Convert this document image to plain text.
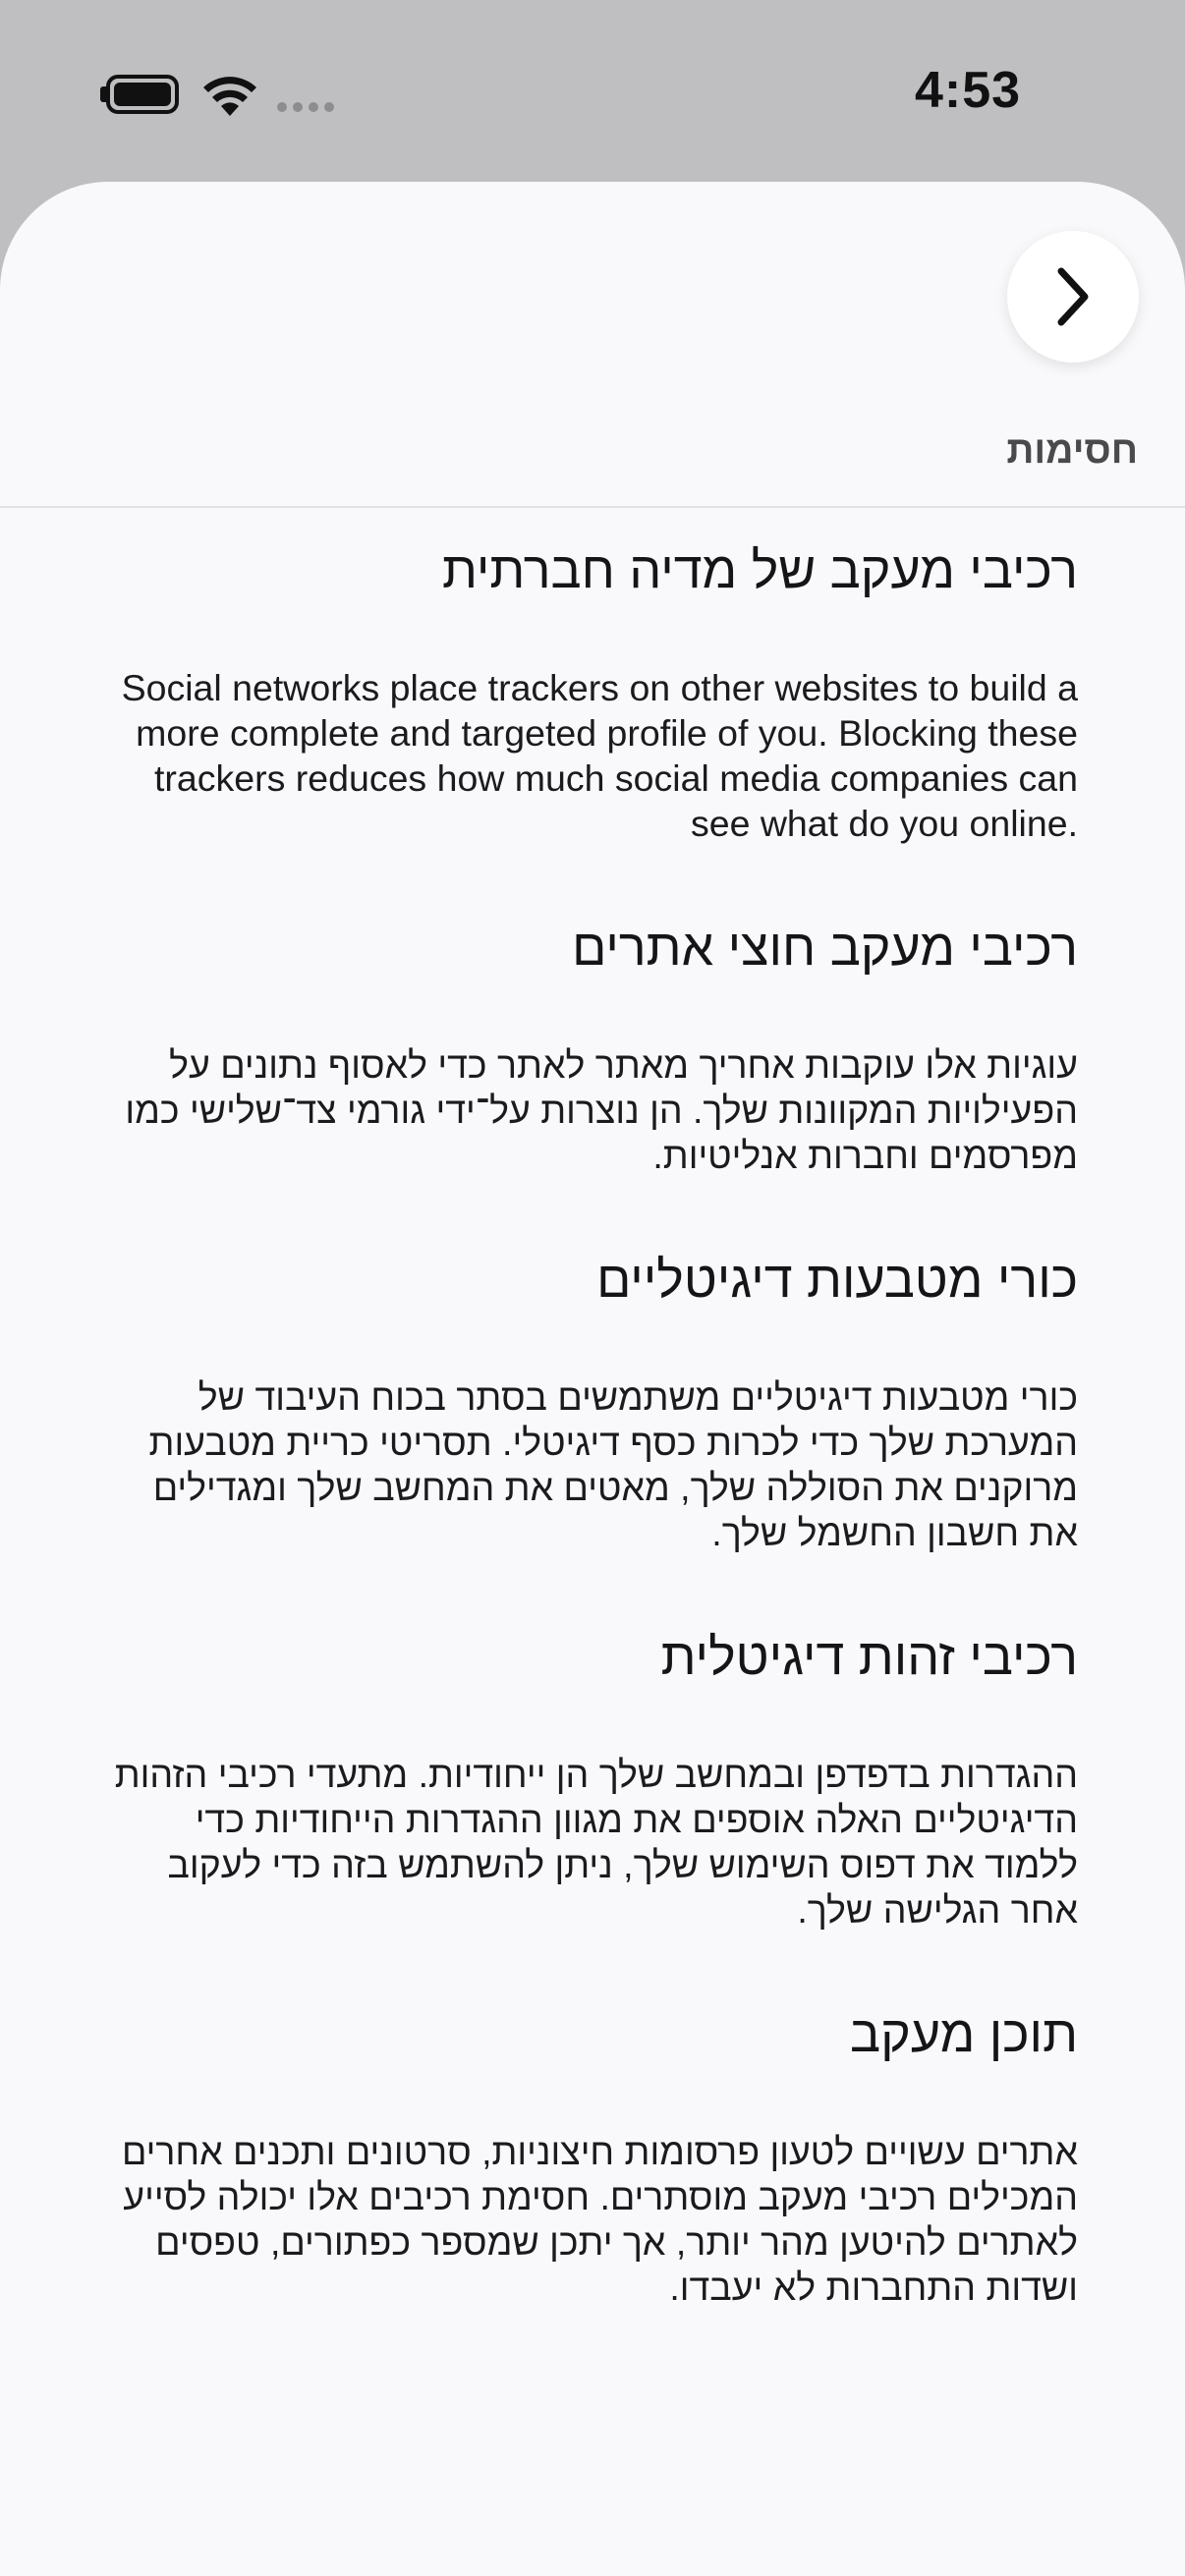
4:53
חסימות
רכיבי מעקב של מדיה חברתית

Social networks place trackers on other websites to build a more complete and targeted profile of you. Blocking these trackers reduces how much social media companies can see what do you online.

רכיבי מעקב חוצי אתרים

עוגיות אלו עוקבות אחריך מאתר לאתר כדי לאסוף נתונים על הפעילויות המקוונות שלך. הן נוצרות על־ידי גורמי צד־שלישי כמו מפרסמים וחברות אנליטיות.

כורי מטבעות דיגיטליים

כורי מטבעות דיגיטליים משתמשים בסתר בכוח העיבוד של המערכת שלך כדי לכרות כסף דיגיטלי. תסריטי כריית מטבעות מרוקנים את הסוללה שלך, מאטים את המחשב שלך ומגדילים את חשבון החשמל שלך.

רכיבי זהות דיגיטלית

ההגדרות בדפדפן ובמחשב שלך הן ייחודיות. מתעדי רכיבי הזהות הדיגיטליים האלה אוספים את מגוון ההגדרות הייחודיות כדי ללמוד את דפוס השימוש שלך, ניתן להשתמש בזה כדי לעקוב אחר הגלישה שלך.

תוכן מעקב

אתרים עשויים לטעון פרסומות חיצוניות, סרטונים ותכנים אחרים המכילים רכיבי מעקב מוסתרים. חסימת רכיבים אלו יכולה לסייע לאתרים להיטען מהר יותר, אך יתכן שמספר כפתורים, טפסים ושדות התחברות לא יעבדו.
